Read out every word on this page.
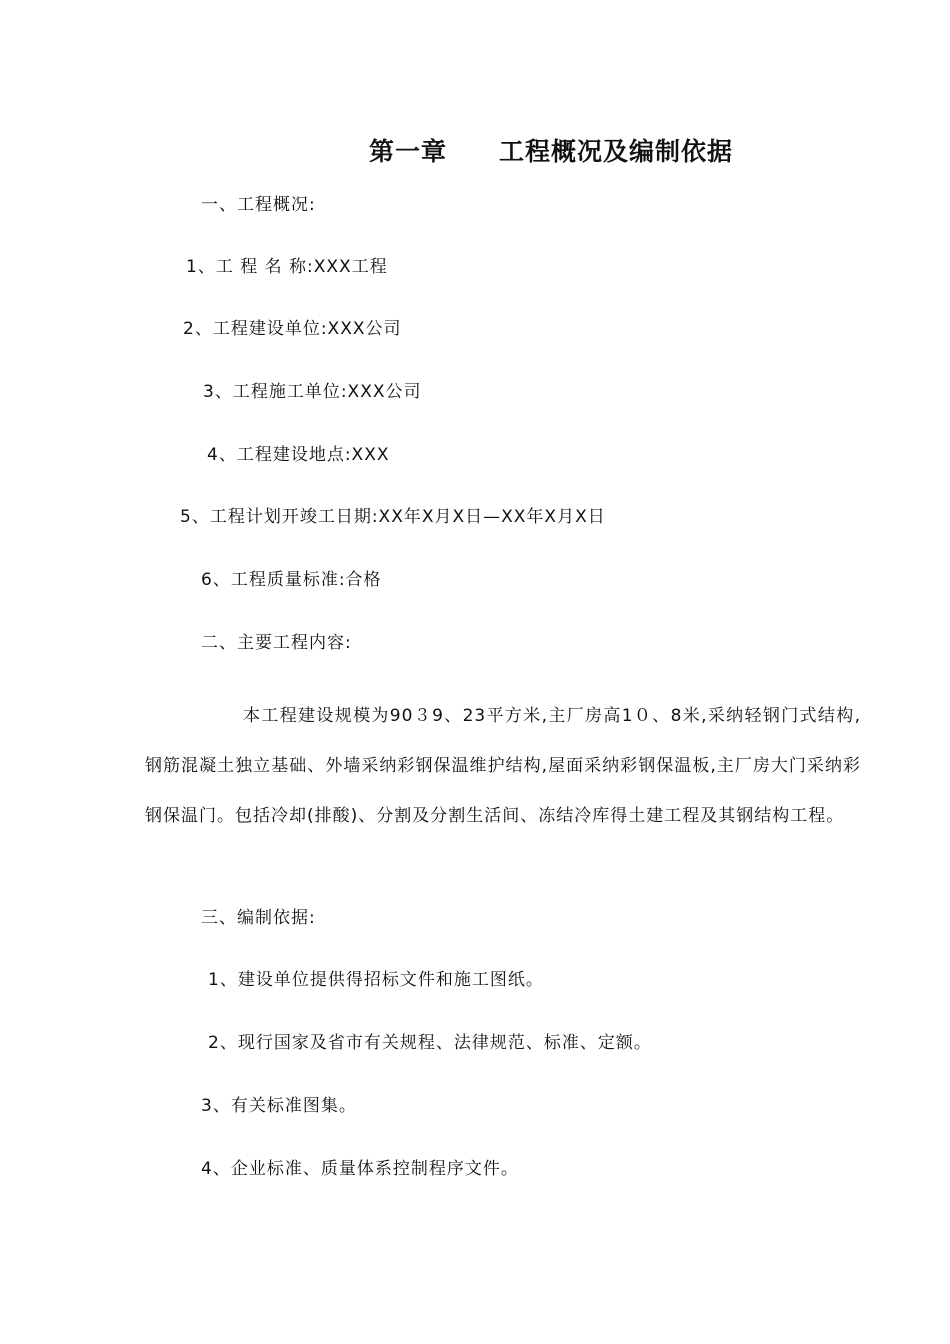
第一章 工程概况及编制依据
一、工程概况:
1、工 程 名 称:ⅩXX工程
2、工程建设单位:XXX公司
3、工程施工单位:XXⅩ公司
4、工程建设地点:XXX
5、工程计划开竣工日期:XX年Ⅹ月Ⅹ日—XX年Ⅹ月Ⅹ日
6、工程质量标准:合格
二、主要工程内容:
本工程建设规模为90３9、23平方米,主厂房高1０、8米,采纳轻钢门式结构,钢筋混凝土独立基础、外墙采纳彩钢保温维护结构,屋面采纳彩钢保温板,主厂房大门采纳彩钢保温门。包括冷却(排酸)、分割及分割生活间、冻结冷库得土建工程及其钢结构工程。
三、编制依据:
1、建设单位提供得招标文件和施工图纸。
2、现行国家及省市有关规程、法律规范、标准、定额。
3、有关标准图集。
4、企业标准、质量体系控制程序文件。
